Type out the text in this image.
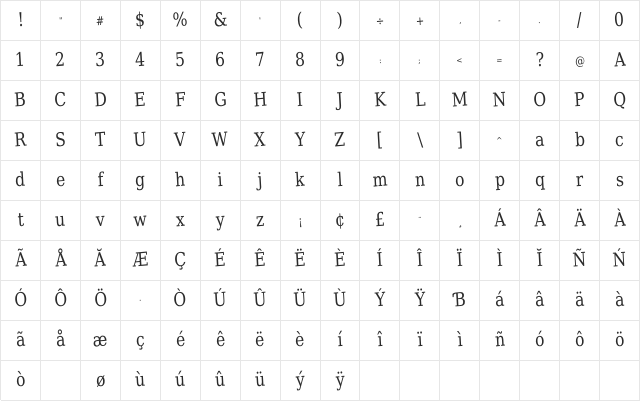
!	"	# $ % &	' ( )	÷	+	,	-	. / 0
1 2 3 4 5 6 7 8 9	:	;	<	= ? @ A
B C D E F G H I J K L M N O P Q
R S T U V W X Y Z [ \ ]	^ a b c
d e f g h i j k l m n o p q r s
t u v w x y z	¡ ¢ £	¨	¸ Á Â Ä À
Ã Å Ă Æ Ç É Ê Ë È Í Î Ï Ì Ĭ Ñ Ń
Ó Ô Ö	· Ò Ú Û Ü Ù Ý Ÿ Ɓ á â ä à
ã å æ ç é ê ë è í î ï ì ñ ó ô ö
ò	ø ù ú û ü ý ÿ
